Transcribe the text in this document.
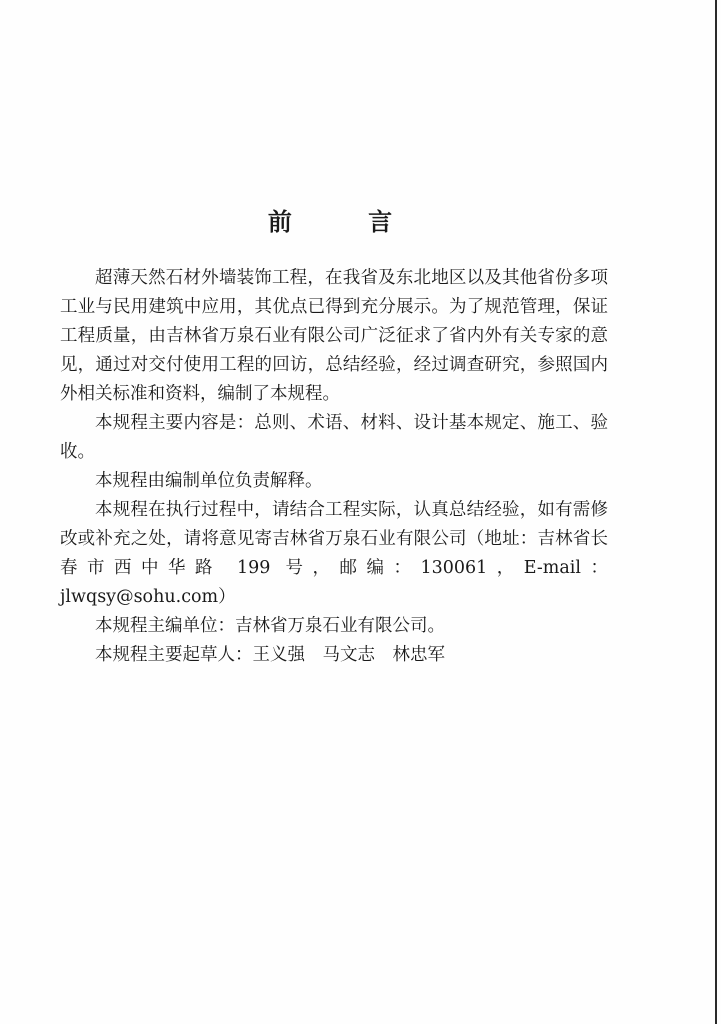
前 言

超薄天然石材外墙装饰工程，在我省及东北地区以及其他省份多项工业与民用建筑中应用，其优点已得到充分展示。为了规范管理，保证工程质量，由吉林省万泉石业有限公司广泛征求了省内外有关专家的意见，通过对交付使用工程的回访，总结经验，经过调查研究，参照国内外相关标准和资料，编制了本规程。

本规程主要内容是：总则、术语、材料、设计基本规定、施工、验收。

本规程由编制单位负责解释。

本规程在执行过程中，请结合工程实际，认真总结经验，如有需修改或补充之处，请将意见寄吉林省万泉石业有限公司（地址：吉林省长春市西中华路 199 号，邮编：130061，E-mail：jlwqsy@sohu.com）

本规程主编单位：吉林省万泉石业有限公司。

本规程主要起草人：王义强　马文志　林忠军
